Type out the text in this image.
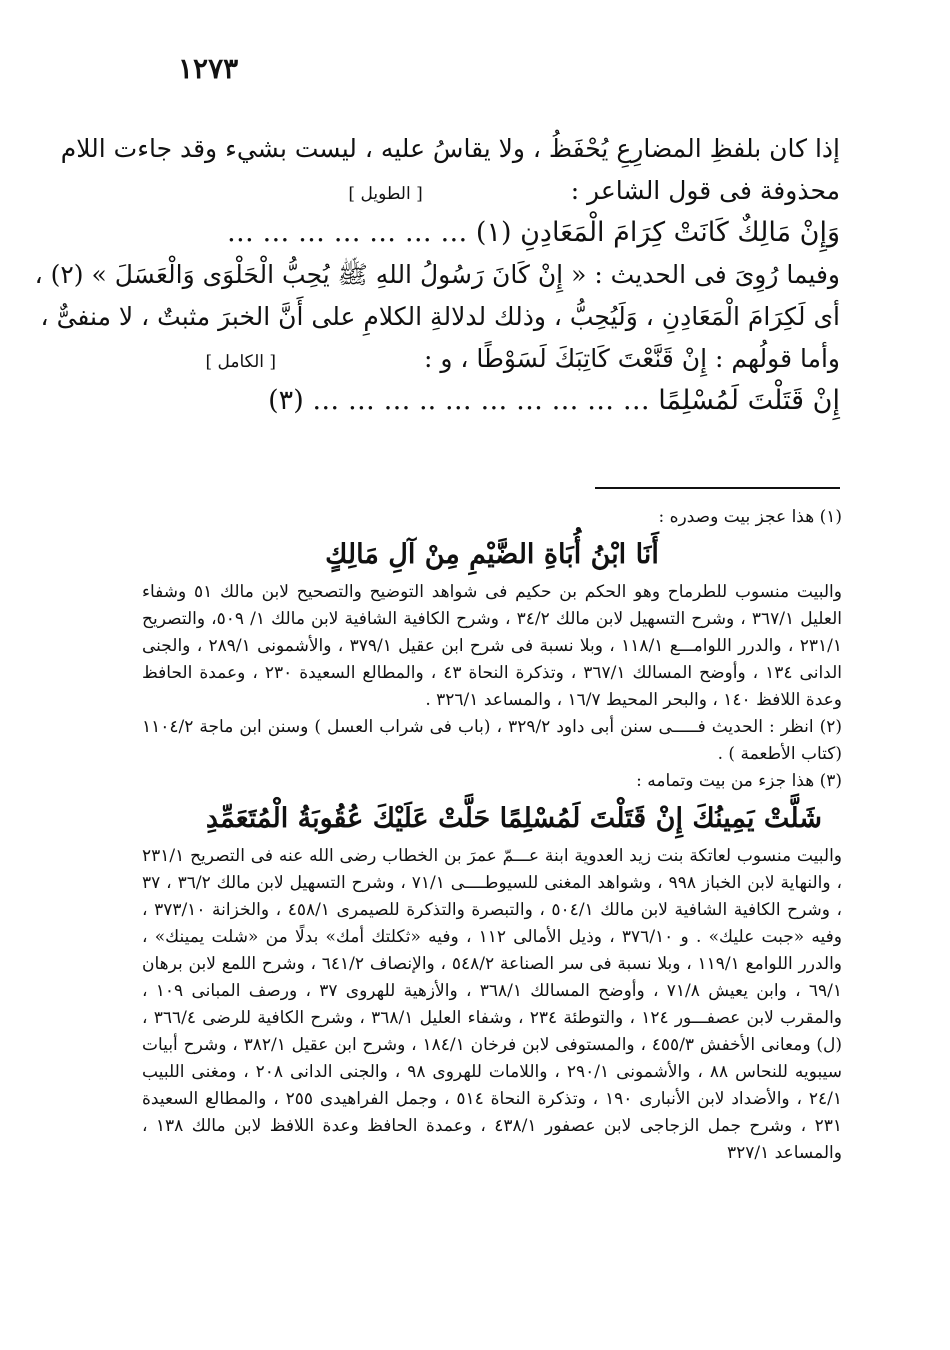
١٢٧٣
إذا كان بلفظِ المضارِعِ يُحْفَظُ ، ولا يقاسُ عليه ، ليست بشيء وقد جاءت اللام
محذوفة فى قول الشاعر : [ الطويل ]
وَإِنْ مَالِكٌ كَانَتْ كِرَامَ الْمَعَادِنِ (١) … … … … … … …
وفيما رُوِىَ فى الحديث : « إِنْ كَانَ رَسُولُ اللهِ ﷺ يُحِبُّ الْحَلْوَى وَالْعَسَلَ » (٢) ،
أى لَكِرَامَ الْمَعَادِنِ ، وَلَيُحِبُّ ، وذلك لدلالةِ الكلامِ على أَنَّ الخبرَ مثبتٌ ، لا منفىٌّ ،
وأما قولُهم : إِنْ قَنَّعْتَ كَاتِبَكَ لَسَوْطًا ، و : [ الكامل ]
إِنْ قَتَلْتَ لَمُسْلِمًا … … … … … … .. … … … (٣)

(١) هذا عجز بيت وصدره :

أَنَا ابْنُ أُبَاةِ الضَّيْمِ مِنْ آلِ مَالِكٍ

والبيت منسوب للطرماح وهو الحكم بن حكيم فى شواهد التوضيح والتصحيح لابن مالك ٥١ وشفاء العليل ٣٦٧/١ ، وشرح التسهيل لابن مالك ٣٤/٢ ، وشرح الكافية الشافية لابن مالك ١/ ٥٠٩، والتصريح ٢٣١/١ ، والدرر اللوامـــع ١١٨/١ ، وبلا نسبة فى شرح ابن عقيل ٣٧٩/١ ، والأشمونى ٢٨٩/١ ، والجنى الدانى ١٣٤ ، وأوضح المسالك ٣٦٧/١ ، وتذكرة النحاة ٤٣ ، والمطالع السعيدة ٢٣٠ ، وعمدة الحافظ وعدة اللافظ ١٤٠ ، والبحر المحيط ١٦/٧ ، والمساعد ٣٢٦/١ .

(٢) انظر : الحديث فـــــى سنن أبى داود ٣٢٩/٢ ، (باب فى شراب العسل ) وسنن ابن ماجة ١١٠٤/٢ (كتاب الأطعمة ) .

(٣) هذا جزء من بيت وتمامه :

شَلَّتْ يَمِينُكَ إِنْ قَتَلْتَ لَمُسْلِمًا حَلَّتْ عَلَيْكَ عُقُوبَةُ الْمُتَعَمِّدِ

والبيت منسوب لعاتكة بنت زيد العدوية ابنة عـــمّ عمرَ بن الخطاب رضى الله عنه فى التصريح ٢٣١/١ ، والنهاية لابن الخباز ٩٩٨ ، وشواهد المغنى للسيوطــــى ٧١/١ ، وشرح التسهيل لابن مالك ٣٦/٢ ، ٣٧ ، وشرح الكافية الشافية لابن مالك ٥٠٤/١ ، والتبصرة والتذكرة للصيمرى ٤٥٨/١ ، والخزانة ٣٧٣/١٠ ، وفيه «جبت عليك» . و ٣٧٦/١٠ ، وذيل الأمالى ١١٢ ، وفيه «ثكلتك أمك» بدلًا من «شلت يمينك» ، والدرر اللوامع ١١٩/١ ، وبلا نسبة فى سر الصناعة ٥٤٨/٢ ، والإنصاف ٦٤١/٢ ، وشرح اللمع لابن برهان ٦٩/١ ، وابن يعيش ٧١/٨ ، وأوضح المسالك ٣٦٨/١ ، والأزهية للهروى ٣٧ ، ورصف المبانى ١٠٩ ، والمقرب لابن عصفـــور ١٢٤ ، والتوطئة ٢٣٤ ، وشفاء العليل ٣٦٨/١ ، وشرح الكافية للرضى ٣٦٦/٤ ، (ل) ومعانى الأخفش ٤٥٥/٣ ، والمستوفى لابن فرخان ١٨٤/١ ، وشرح ابن عقيل ٣٨٢/١ ، وشرح أبيات سيبويه للنحاس ٨٨ ، والأشمونى ٢٩٠/١ ، واللامات للهروى ٩٨ ، والجنى الدانى ٢٠٨ ، ومغنى اللبيب ٢٤/١ ، والأضداد لابن الأنبارى ١٩٠ ، وتذكرة النحاة ٥١٤ ، وجمل الفراهيدى ٢٥٥ ، والمطالع السعيدة ٢٣١ ، وشرح جمل الزجاجى لابن عصفور ٤٣٨/١ ، وعمدة الحافظ وعدة اللافظ لابن مالك ١٣٨ ، والمساعد ٣٢٧/١
